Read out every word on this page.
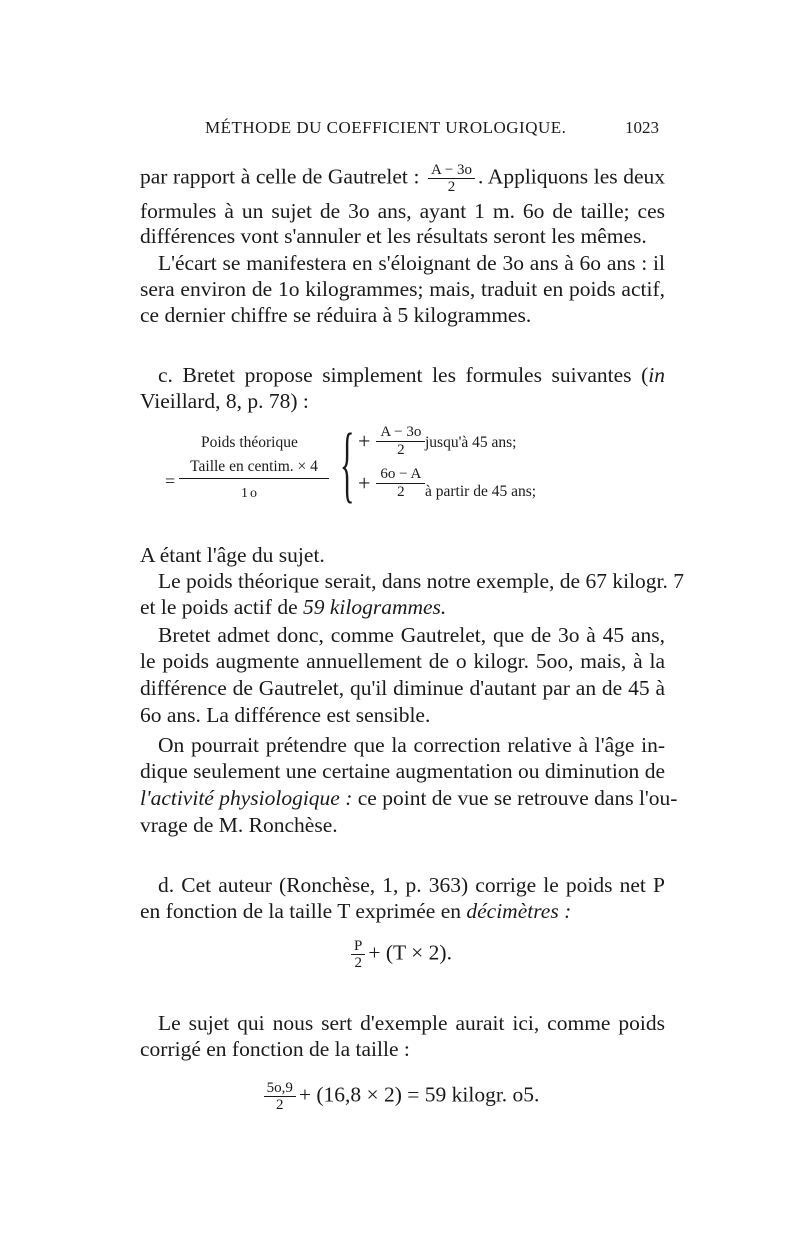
MÉTHODE DU COEFFICIENT UROLOGIQUE.	1023
par rapport à celle de Gautrelet : $\frac{A - 3o}{2}$ . Appliquons les deux
formules à un sujet de 3o ans, ayant 1 m. 6o de taille; ces
différences vont s'annuler et les résultats seront les mêmes.
L'écart se manifestera en s'éloignant de 3o ans à 6o ans : il
sera environ de 1o kilogrammes; mais, traduit en poids actif,
ce dernier chiffre se réduira à 5 kilogrammes.
c. Bretet propose simplement les formules suivantes (in
Vieillard, 8, p. 78) :
Poids théorique
Taille en centim. × 4
=
1o { + $\frac{A - 3o}{2}$ jusqu'à 45 ans;
+ $\frac{6o - A}{2}$ à partir de 45 ans;
A étant l'âge du sujet.
Le poids théorique serait, dans notre exemple, de 67 kilogr. 7
et le poids actif de 59 kilogrammes.
Bretet admet donc, comme Gautrelet, que de 3o à 45 ans,
le poids augmente annuellement de o kilogr. 5oo, mais, à la
différence de Gautrelet, qu'il diminue d'autant par an de 45 à
6o ans. La différence est sensible.
On pourrait prétendre que la correction relative à l'âge in-
dique seulement une certaine augmentation ou diminution de
l'activité physiologique : ce point de vue se retrouve dans l'ou-
vrage de M. Ronchèse.
d. Cet auteur (Ronchèse, 1, p. 363) corrige le poids net P
en fonction de la taille T exprimée en décimètres :
$\frac{P}{2} + (T \times 2)$.
Le sujet qui nous sert d'exemple aurait ici, comme poids
corrigé en fonction de la taille :
$\frac{5o,9}{2} + (16,8 \times 2) = 59$ kilogr. o5.
